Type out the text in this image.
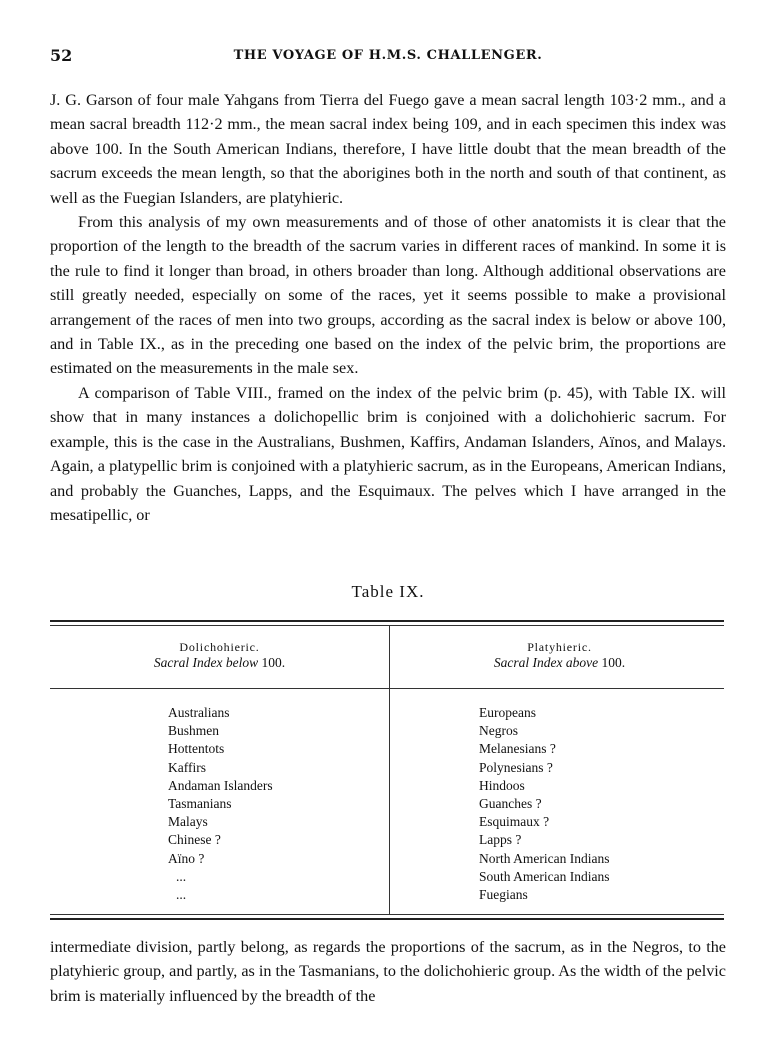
52	THE VOYAGE OF H.M.S. CHALLENGER.

J. G. Garson of four male Yahgans from Tierra del Fuego gave a mean sacral length 103·2 mm., and a mean sacral breadth 112·2 mm., the mean sacral index being 109, and in each specimen this index was above 100. In the South American Indians, therefore, I have little doubt that the mean breadth of the sacrum exceeds the mean length, so that the aborigines both in the north and south of that continent, as well as the Fuegian Islanders, are platyhieric.

From this analysis of my own measurements and of those of other anatomists it is clear that the proportion of the length to the breadth of the sacrum varies in different races of mankind. In some it is the rule to find it longer than broad, in others broader than long. Although additional observations are still greatly needed, especially on some of the races, yet it seems possible to make a provisional arrangement of the races of men into two groups, according as the sacral index is below or above 100, and in Table IX., as in the preceding one based on the index of the pelvic brim, the proportions are estimated on the measurements in the male sex.

A comparison of Table VIII., framed on the index of the pelvic brim (p. 45), with Table IX. will show that in many instances a dolichopellic brim is conjoined with a dolichohieric sacrum. For example, this is the case in the Australians, Bushmen, Kaffirs, Andaman Islanders, Aïnos, and Malays. Again, a platypellic brim is conjoined with a platyhieric sacrum, as in the Europeans, American Indians, and probably the Guanches, Lapps, and the Esquimaux. The pelves which I have arranged in the mesatipellic, or

Table IX.
Dolichohieric.
Sacral Index below 100.
Platyhieric.
Sacral Index above 100.
Australians
Bushmen
Hottentots
Kaffirs
Andaman Islanders
Tasmanians
Malays
Chinese ?
Aïno ?
...
...
Europeans
Negros
Melanesians ?
Polynesians ?
Hindoos
Guanches ?
Esquimaux ?
Lapps ?
North American Indians
South American Indians
Fuegians

intermediate division, partly belong, as regards the proportions of the sacrum, as in the Negros, to the platyhieric group, and partly, as in the Tasmanians, to the dolichohieric group. As the width of the pelvic brim is materially influenced by the breadth of the
